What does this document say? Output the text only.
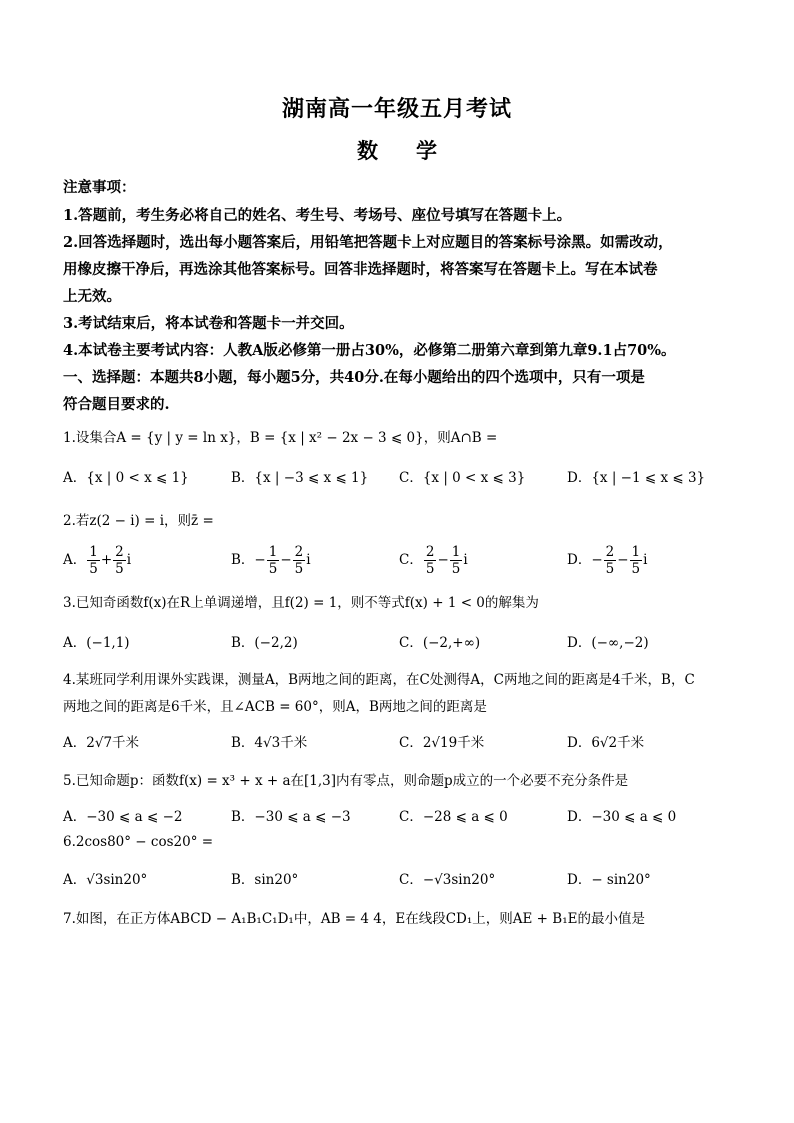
湖南高一年级五月考试
数 学
注意事项：
1.答题前，考生务必将自己的姓名、考生号、考场号、座位号填写在答题卡上。
2.回答选择题时，选出每小题答案后，用铅笔把答题卡上对应题目的答案标号涂黑。如需改动，
用橡皮擦干净后，再选涂其他答案标号。回答非选择题时，将答案写在答题卡上。写在本试卷
上无效。
3.考试结束后，将本试卷和答题卡一并交回。
4.本试卷主要考试内容：人教A版必修第一册占30%，必修第二册第六章到第九章9.1占70%。
一、选择题：本题共8小题，每小题5分，共40分.在每小题给出的四个选项中，只有一项是
符合题目要求的.
1.设集合A = {y | y = ln x}，B = {x | x² − 2x − 3 ⩽ 0}，则A∩B =
A．{x | 0 < x ⩽ 1}	B．{x | −3 ⩽ x ⩽ 1} C．{x | 0 < x ⩽ 3}	D．{x | −1 ⩽ x ⩽ 3}
2.若z(2 − i) = i，则z̄ =
A． $\frac{1}{5} + \frac{2}{5}$ i	B．− $\frac{1}{5} - \frac{2}{5}$ i	C． $\frac{2}{5} - \frac{1}{5}$ i	D．− $\frac{2}{5} - \frac{1}{5}$ i
3.已知奇函数f(x)在R上单调递增，且f(2) = 1，则不等式f(x) + 1 < 0的解集为
A．(−1,1)	B．(−2,2)	C．(−2,+∞)	D．(−∞,−2)
4.某班同学利用课外实践课，测量A，B两地之间的距离，在C处测得A，C两地之间的距离是4千米，B，C
两地之间的距离是6千米，且∠ACB = 60°，则A，B两地之间的距离是
A．2√7千米	B．4√3千米	C．2√19千米	D．6√2千米
5.已知命题p：函数f(x) = x³ + x + a在[1,3]内有零点，则命题p成立的一个必要不充分条件是
A．−30 ⩽ a ⩽ −2	B．−30 ⩽ a ⩽ −3	C．−28 ⩽ a ⩽ 0	D．−30 ⩽ a ⩽ 0
6.2cos80° − cos20° =
A．√3sin20°	B．sin20°	C．−√3sin20°	D．− sin20°
7.如图，在正方体ABCD − A₁B₁C₁D₁中，AB = 4 4，E在线段CD₁上，则AE + B₁E的最小值是
